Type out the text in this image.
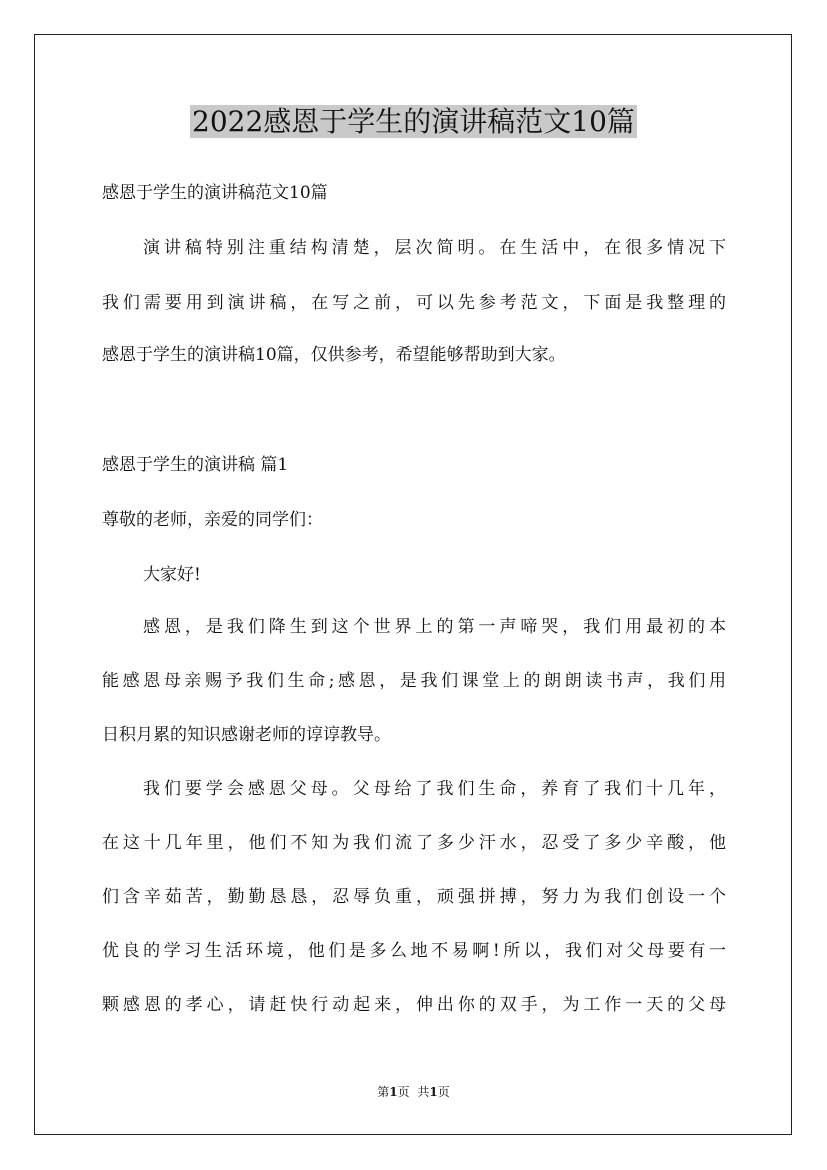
2022感恩于学生的演讲稿范文10篇

感恩于学生的演讲稿范文10篇

演讲稿特别注重结构清楚，层次简明。在生活中，在很多情况下

我们需要用到演讲稿，在写之前，可以先参考范文，下面是我整理的

感恩于学生的演讲稿10篇，仅供参考，希望能够帮助到大家。

感恩于学生的演讲稿 篇1

尊敬的老师，亲爱的同学们：

大家好!

感恩，是我们降生到这个世界上的第一声啼哭，我们用最初的本

能感恩母亲赐予我们生命;感恩，是我们课堂上的朗朗读书声，我们用

日积月累的知识感谢老师的谆谆教导。

我们要学会感恩父母。父母给了我们生命，养育了我们十几年，

在这十几年里，他们不知为我们流了多少汗水，忍受了多少辛酸，他

们含辛茹苦，勤勤恳恳，忍辱负重，顽强拼搏，努力为我们创设一个

优良的学习生活环境，他们是多么地不易啊!所以，我们对父母要有一

颗感恩的孝心，请赶快行动起来，伸出你的双手，为工作一天的父母

第1页 共1页
